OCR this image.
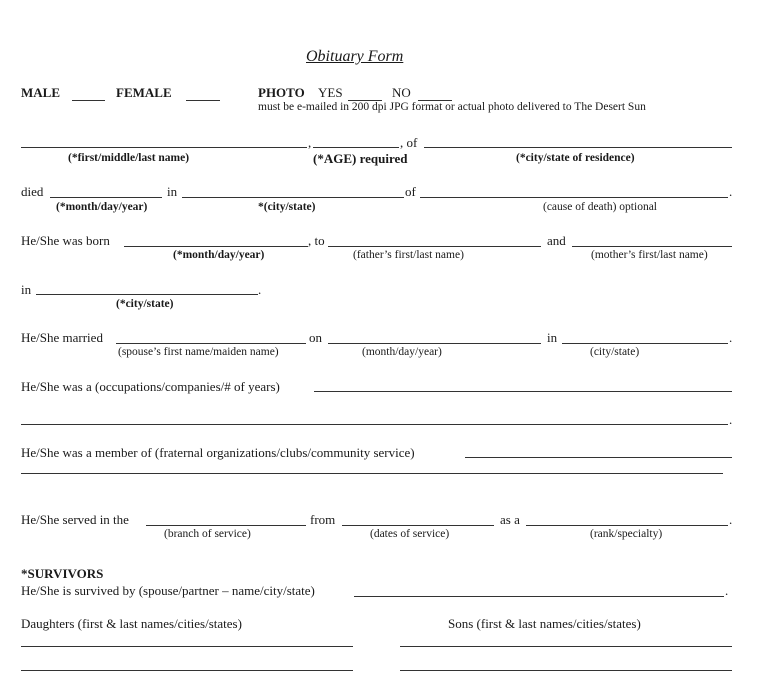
Obituary Form
MALE	FEMALE	PHOTO YES	NO
must be e-mailed in 200 dpi JPG format or actual photo delivered to The Desert Sun
,	, of
(*first/middle/last name)	(*AGE) required	(*city/state of residence)
died	in	of	.
(*month/day/year)	*(city/state)	(cause of death) optional
He/She was born	, to	and
(*month/day/year)	(father’s first/last name)	(mother’s first/last name)
in	.
(*city/state)
He/She married	on	in	.
(spouse’s first name/maiden name)	(month/day/year)	(city/state)
He/She was a (occupations/companies/# of years)
.
He/She was a member of (fraternal organizations/clubs/community service)
He/She served in the	from	as a	.
(branch of service)	(dates of service)	(rank/specialty)
*SURVIVORS
He/She is survived by (spouse/partner – name/city/state)	.
Daughters (first & last names/cities/states)	Sons (first & last names/cities/states)
